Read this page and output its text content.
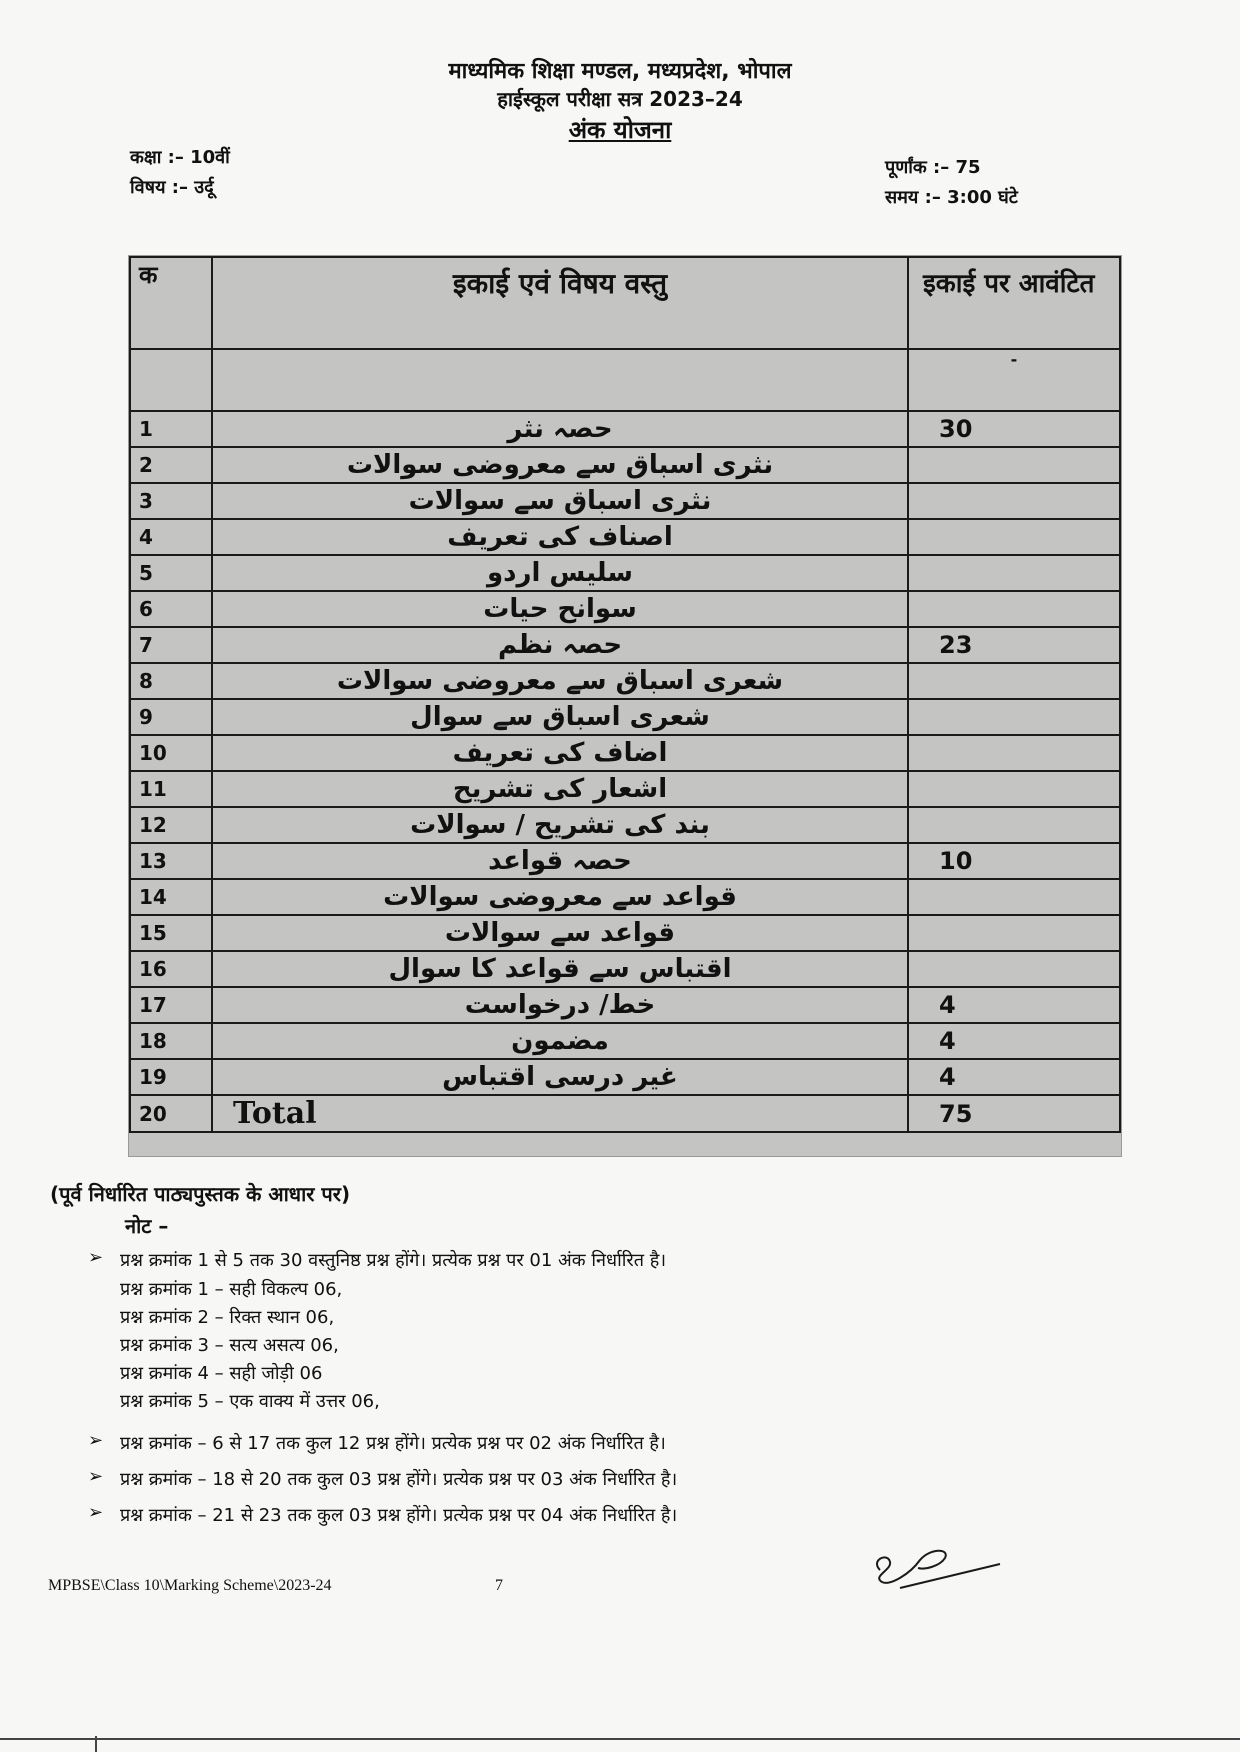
माध्यमिक शिक्षा मण्डल, मध्यप्रदेश, भोपाल
हाईस्कूल परीक्षा सत्र 2023–24
अंक योजना
कक्षा :– 10वीं
विषय :– उर्दू
पूर्णांक :– 75
समय :– 3:00 घंटे
क	इकाई एवं विषय वस्तु	इकाई पर आवंटित
		-
1	حصہ نثر	30
2	نثری اسباق سے معروضی سوالات	
3	نثری اسباق سے سوالات	
4	اصناف کی تعریف	
5	سلیس اردو	
6	سوانح حیات	
7	حصہ نظم	23
8	شعری اسباق سے معروضی سوالات	
9	شعری اسباق سے سوال	
10	اضاف کی تعریف	
11	اشعار کی تشریح	
12	بند کی تشریح / سوالات	
13	حصہ قواعد	10
14	قواعد سے معروضی سوالات	
15	قواعد سے سوالات	
16	اقتباس سے قواعد کا سوال	
17	خط/ درخواست	4
18	مضمون	4
19	غیر درسی اقتباس	4
20	Total	75
(पूर्व निर्धारित पाठ्यपुस्तक के आधार पर)
नोट –
➢ प्रश्न क्रमांक 1 से 5 तक 30 वस्तुनिष्ठ प्रश्न होंगे। प्रत्येक प्रश्न पर 01 अंक निर्धारित है।
प्रश्न क्रमांक 1 – सही विकल्प 06,
प्रश्न क्रमांक 2 – रिक्त स्थान 06,
प्रश्न क्रमांक 3 – सत्य असत्य 06,
प्रश्न क्रमांक 4 – सही जोड़ी 06
प्रश्न क्रमांक 5 – एक वाक्य में उत्तर 06,
➢ प्रश्न क्रमांक – 6 से 17 तक कुल 12 प्रश्न होंगे। प्रत्येक प्रश्न पर 02 अंक निर्धारित है।
➢ प्रश्न क्रमांक – 18 से 20 तक कुल 03 प्रश्न होंगे। प्रत्येक प्रश्न पर 03 अंक निर्धारित है।
➢ प्रश्न क्रमांक – 21 से 23 तक कुल 03 प्रश्न होंगे। प्रत्येक प्रश्न पर 04 अंक निर्धारित है।
MPBSE\Class 10\Marking Scheme\2023-24	7
